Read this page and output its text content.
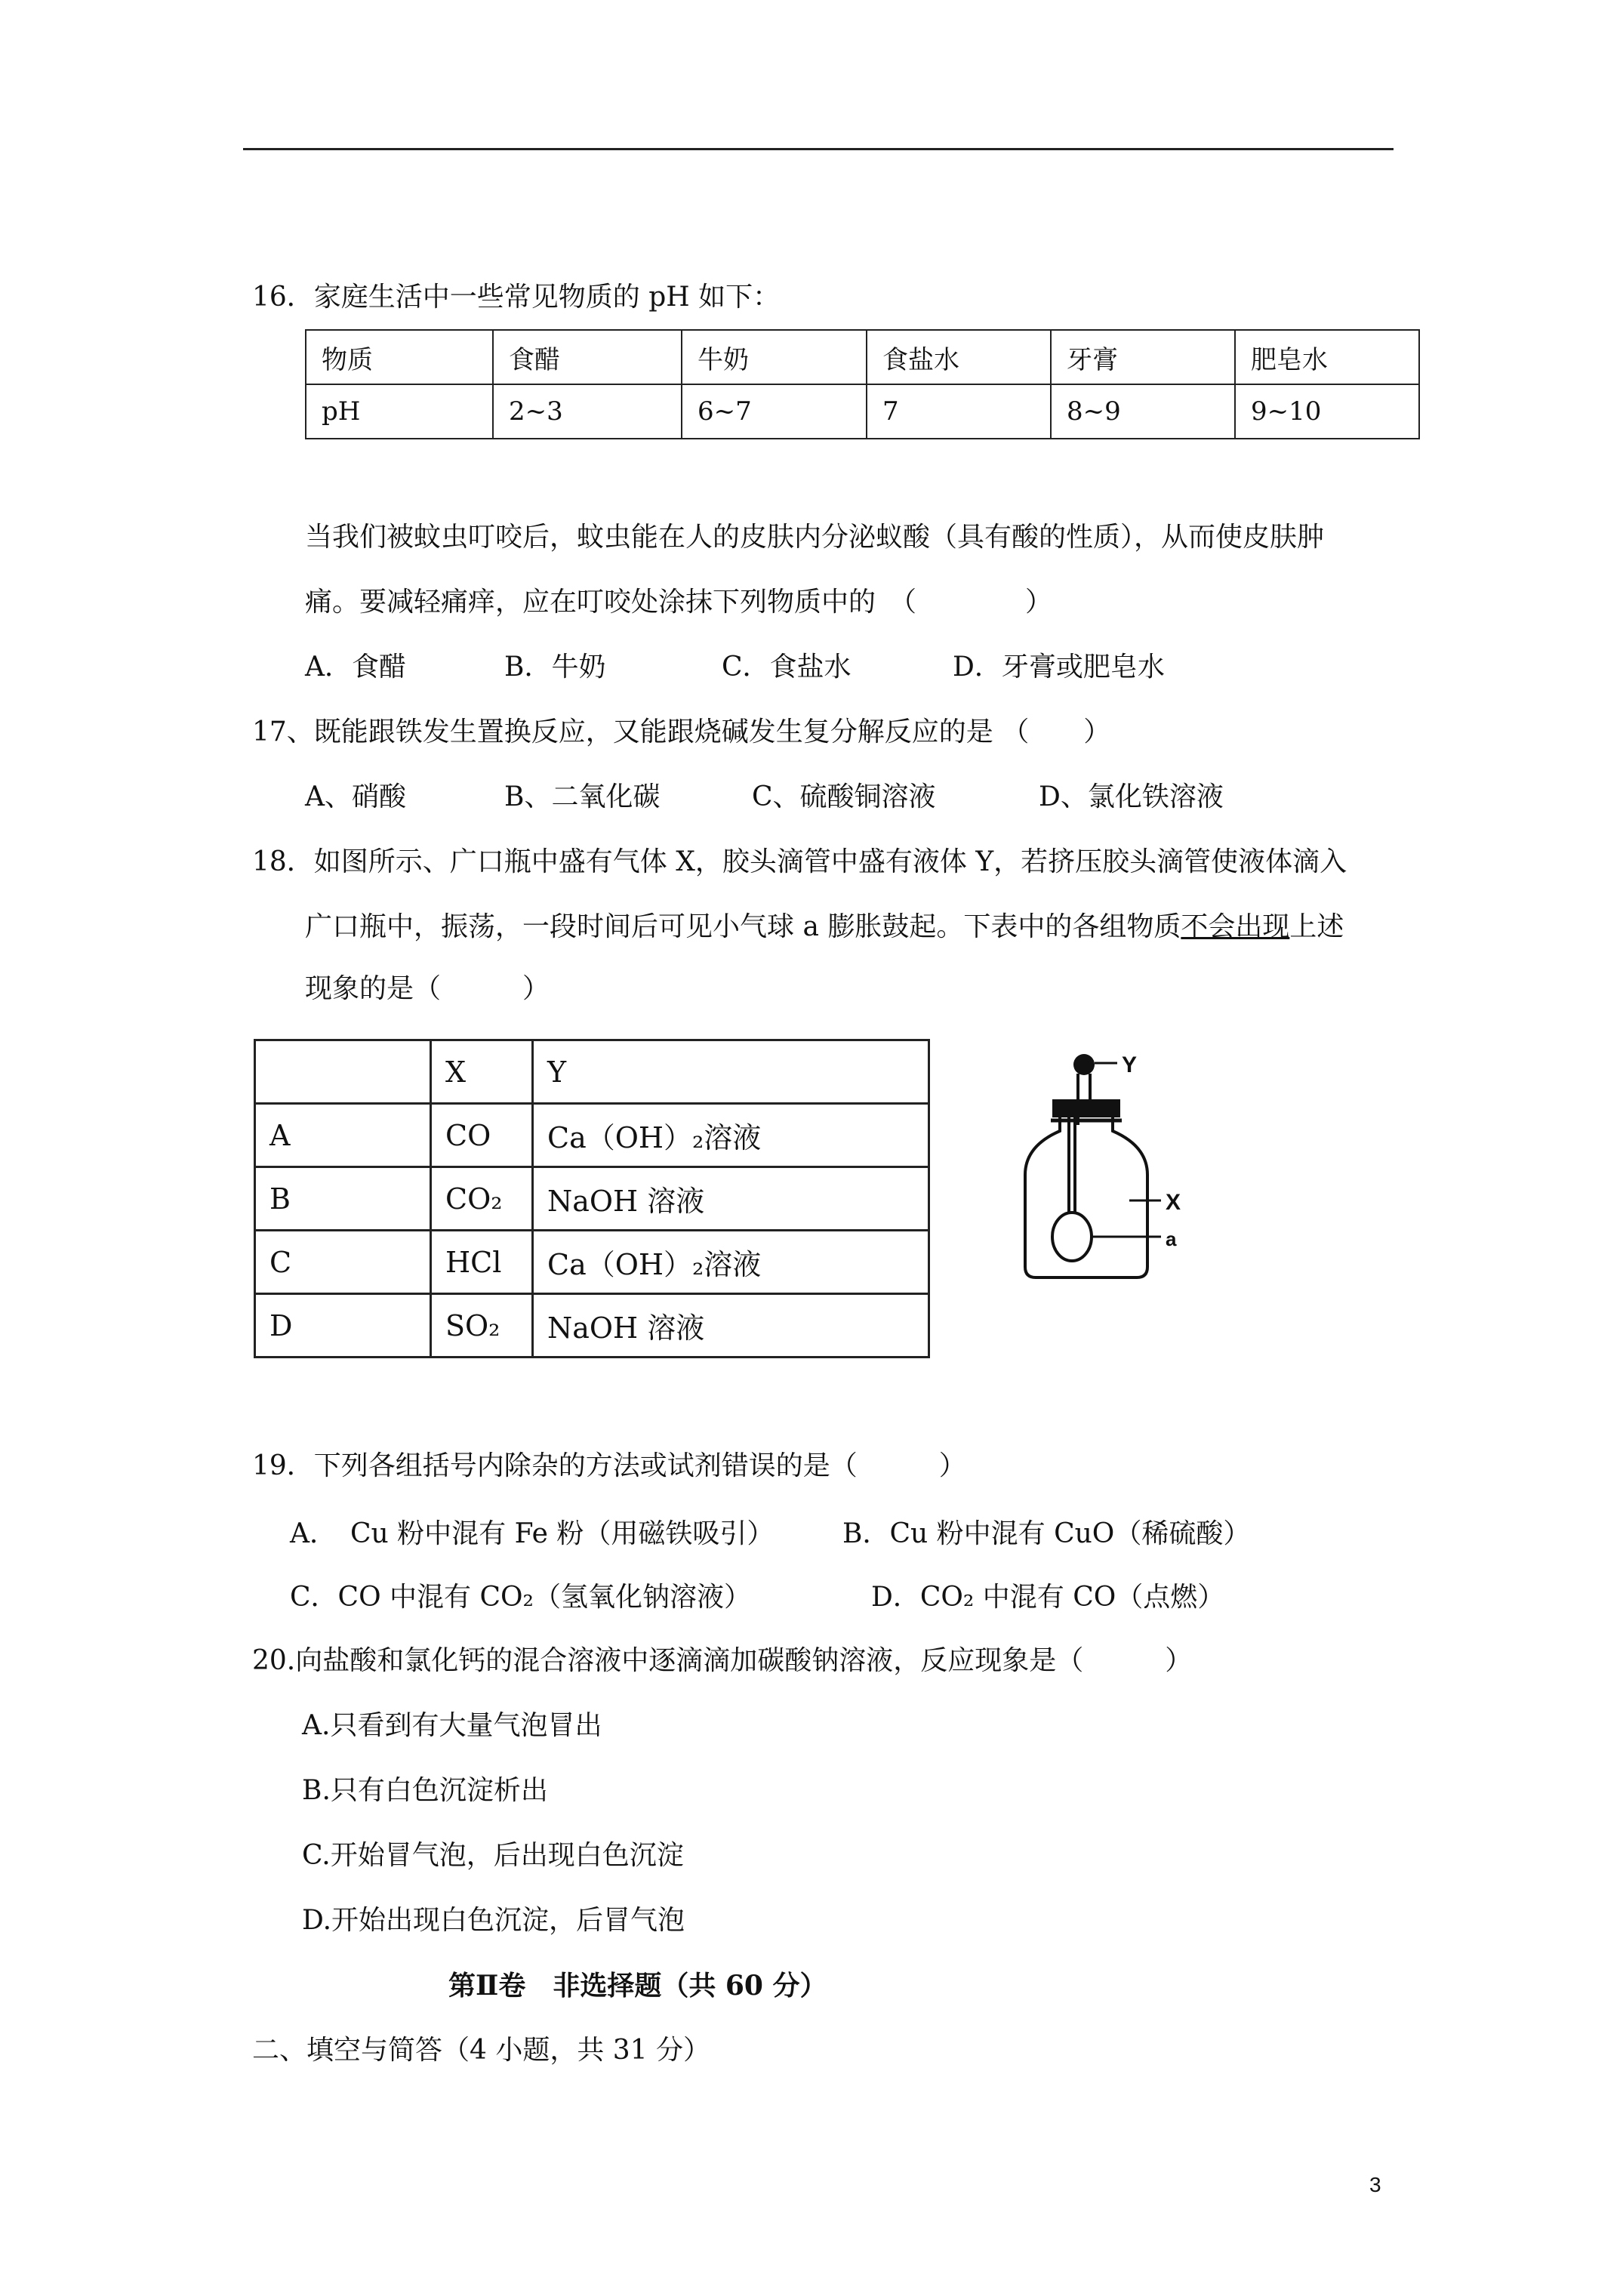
16．家庭生活中一些常见物质的 pH 如下：
物质	食醋	牛奶	食盐水	牙膏	肥皂水
pH	2~3	6~7	7	8~9	9~10
当我们被蚊虫叮咬后，蚊虫能在人的皮肤内分泌蚁酸（具有酸的性质），从而使皮肤肿
痛。要减轻痛痒，应在叮咬处涂抹下列物质中的　（　　　　）
A．食醋	B．牛奶	C．食盐水	D．牙膏或肥皂水
17、既能跟铁发生置换反应，又能跟烧碱发生复分解反应的是 （　　）
A、硝酸	B、二氧化碳	C、硫酸铜溶液	D、氯化铁溶液
18．如图所示、广口瓶中盛有气体 X，胶头滴管中盛有液体 Y，若挤压胶头滴管使液体滴入
广口瓶中，振荡，一段时间后可见小气球 a 膨胀鼓起。下表中的各组物质不会出现上述
现象的是（　　　）
	X	Y
A	CO	Ca（OH）₂溶液
B	CO₂	NaOH 溶液
C	HCl	Ca（OH）₂溶液
D	SO₂	NaOH 溶液
Y
X
a
19．下列各组括号内除杂的方法或试剂错误的是（　　　）
A．　Cu 粉中混有 Fe 粉（用磁铁吸引）	B．Cu 粉中混有 CuO（稀硫酸）
C．CO 中混有 CO₂（氢氧化钠溶液）	D．CO₂ 中混有 CO（点燃）
20.向盐酸和氯化钙的混合溶液中逐滴滴加碳酸钠溶液，反应现象是（　　　）
A.只看到有大量气泡冒出
B.只有白色沉淀析出
C.开始冒气泡，后出现白色沉淀
D.开始出现白色沉淀，后冒气泡
第Ⅱ卷　非选择题（共 60 分）
二、填空与简答（4 小题，共 31 分）
3
